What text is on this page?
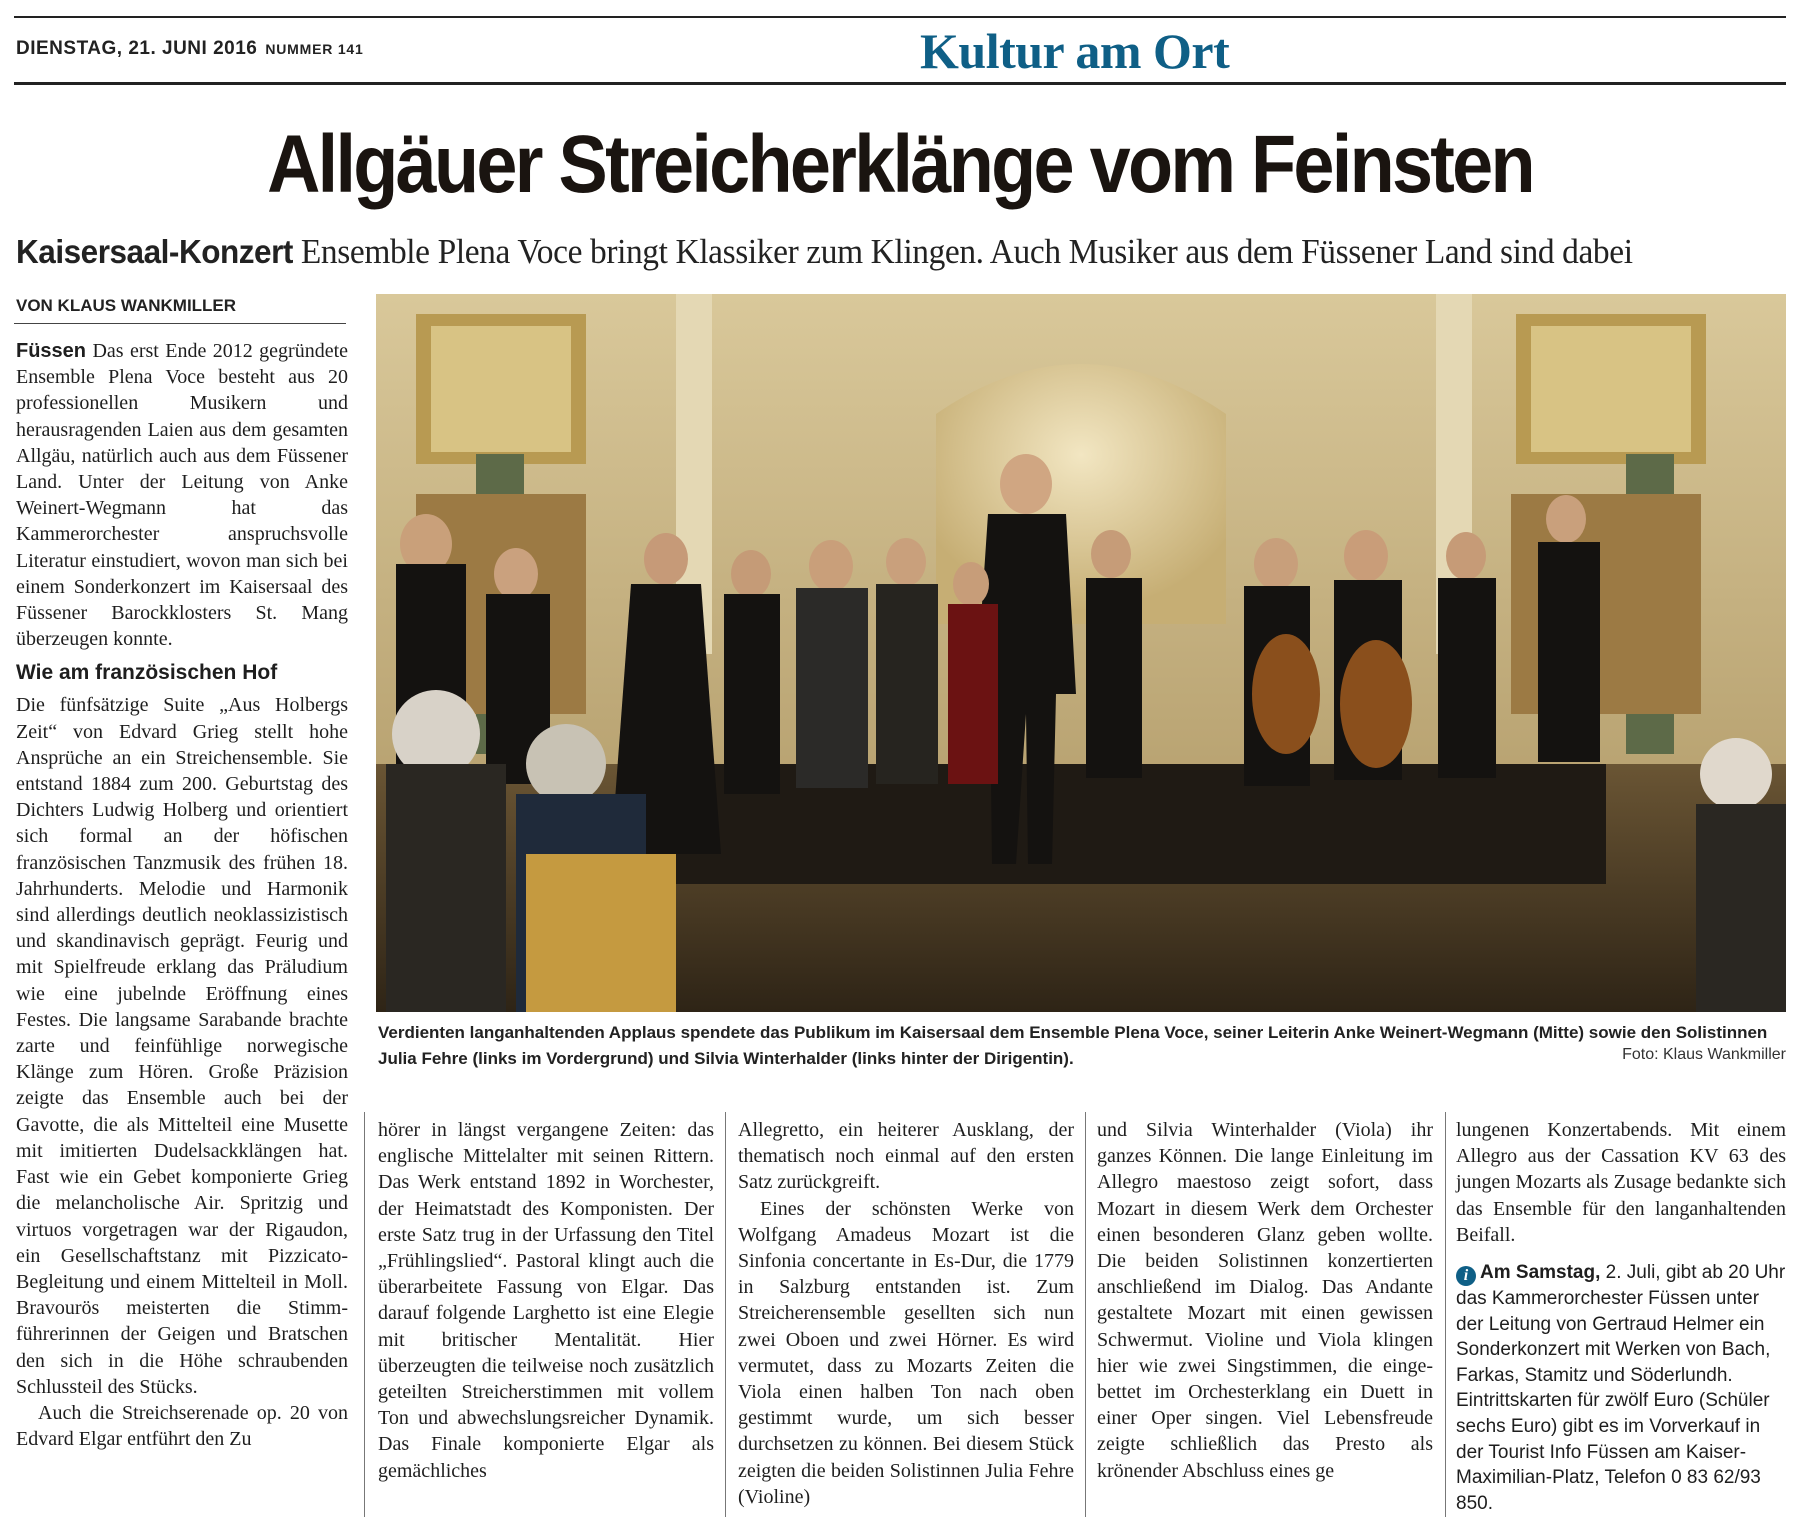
DIENSTAG, 21. JUNI 2016 NUMMER 141	Kultur am Ort
Allgäuer Streicherklänge vom Feinsten
Kaisersaal-Konzert Ensemble Plena Voce bringt Klassiker zum Klingen. Auch Musiker aus dem Füssener Land sind dabei
VON KLAUS WANKMILLER

Füssen Das erst Ende 2012 gegründete Ensemble Plena Voce besteht aus 20 professionellen Musikern und herausragenden Laien aus dem gesamten Allgäu, natürlich auch aus dem Füssener Land. Unter der Leitung von Anke Weinert-Wegmann hat das Kammerorchester anspruchsvolle Literatur einstudiert, wovon man sich bei einem Sonderkonzert im Kaisersaal des Füssener Barockklosters St. Mang überzeugen konnte.

Wie am französischen Hof

Die fünfsätzige Suite „Aus Holbergs Zeit“ von Edvard Grieg stellt hohe Ansprüche an ein Streichensemble. Sie entstand 1884 zum 200. Geburtstag des Dichters Ludwig Holberg und orientiert sich formal an der höfischen französischen Tanzmusik des frühen 18. Jahrhunderts. Melodie und Harmonik sind allerdings deutlich neoklassizistisch und skandinavisch geprägt. Feurig und mit Spielfreude erklang das Präludium wie eine jubelnde Eröffnung eines Festes. Die langsame Sarabande brachte zarte und feinfühlige norwegische Klänge zum Hören. Große Präzision zeigte das Ensemble auch bei der Gavotte, die als Mittelteil eine Musette mit imitierten Dudelsackklängen hat. Fast wie ein Gebet komponierte Grieg die melancholische Air. Spritzig und virtuos vorgetragen war der Rigaudon, ein Gesellschaftstanz mit Pizzicato-Begleitung und einem Mittelteil in Moll. Bravourös meisterten die Stimmführerinnen der Geigen und Bratschen den sich in die Höhe schraubenden Schlussteil des Stücks.

Auch die Streichserenade op. 20 von Edvard Elgar entführt den Zu

Verdienten langanhaltenden Applaus spendete das Publikum im Kaisersaal dem Ensemble Plena Voce, seiner Leiterin Anke Weinert-Wegmann (Mitte) sowie den Solistinnen Julia Fehre (links im Vordergrund) und Silvia Winterhalder (links hinter der Dirigentin).	Foto: Klaus Wankmiller

hörer in längst vergangene Zeiten: das englische Mittelalter mit seinen Rittern. Das Werk entstand 1892 in Worchester, der Heimatstadt des Komponisten. Der erste Satz trug in der Urfassung den Titel „Frühlingslied“. Pastoral klingt auch die überarbeitete Fassung von Elgar. Das darauf folgende Larghetto ist eine Elegie mit britischer Mentalität. Hier überzeugten die teilweise noch zusätzlich geteilten Streicherstimmen mit vollem Ton und abwechslungsreicher Dynamik. Das Finale komponierte Elgar als gemächliches

Allegretto, ein heiterer Ausklang, der thematisch noch einmal auf den ersten Satz zurückgreift.

Eines der schönsten Werke von Wolfgang Amadeus Mozart ist die Sinfonia concertante in Es-Dur, die 1779 in Salzburg entstanden ist. Zum Streicherensemble gesellten sich nun zwei Oboen und zwei Hörner. Es wird vermutet, dass zu Mozarts Zeiten die Viola einen halben Ton nach oben gestimmt wurde, um sich besser durchsetzen zu können. Bei diesem Stück zeigten die beiden Solistinnen Julia Fehre (Violine)

und Silvia Winterhalder (Viola) ihr ganzes Können. Die lange Einleitung im Allegro maestoso zeigt sofort, dass Mozart in diesem Werk dem Orchester einen besonderen Glanz geben wollte. Die beiden Solistinnen konzertierten anschließend im Dialog. Das Andante gestaltete Mozart mit einen gewissen Schwermut. Violine und Viola klingen hier wie zwei Singstimmen, die eingebettet im Orchesterklang ein Duett in einer Oper singen. Viel Lebensfreude zeigte schließlich das Presto als krönender Abschluss eines ge

lungenen Konzertabends. Mit einem Allegro aus der Cassation KV 63 des jungen Mozarts als Zusage bedankte sich das Ensemble für den langanhaltenden Beifall.

i Am Samstag, 2. Juli, gibt ab 20 Uhr das Kammerorchester Füssen unter der Leitung von Gertraud Helmer ein Sonderkonzert mit Werken von Bach, Farkas, Stamitz und Söderlundh. Eintrittskarten für zwölf Euro (Schüler sechs Euro) gibt es im Vorverkauf in der Tourist Info Füssen am Kaiser-Maximilian-Platz, Telefon 0 83 62/93 850.
